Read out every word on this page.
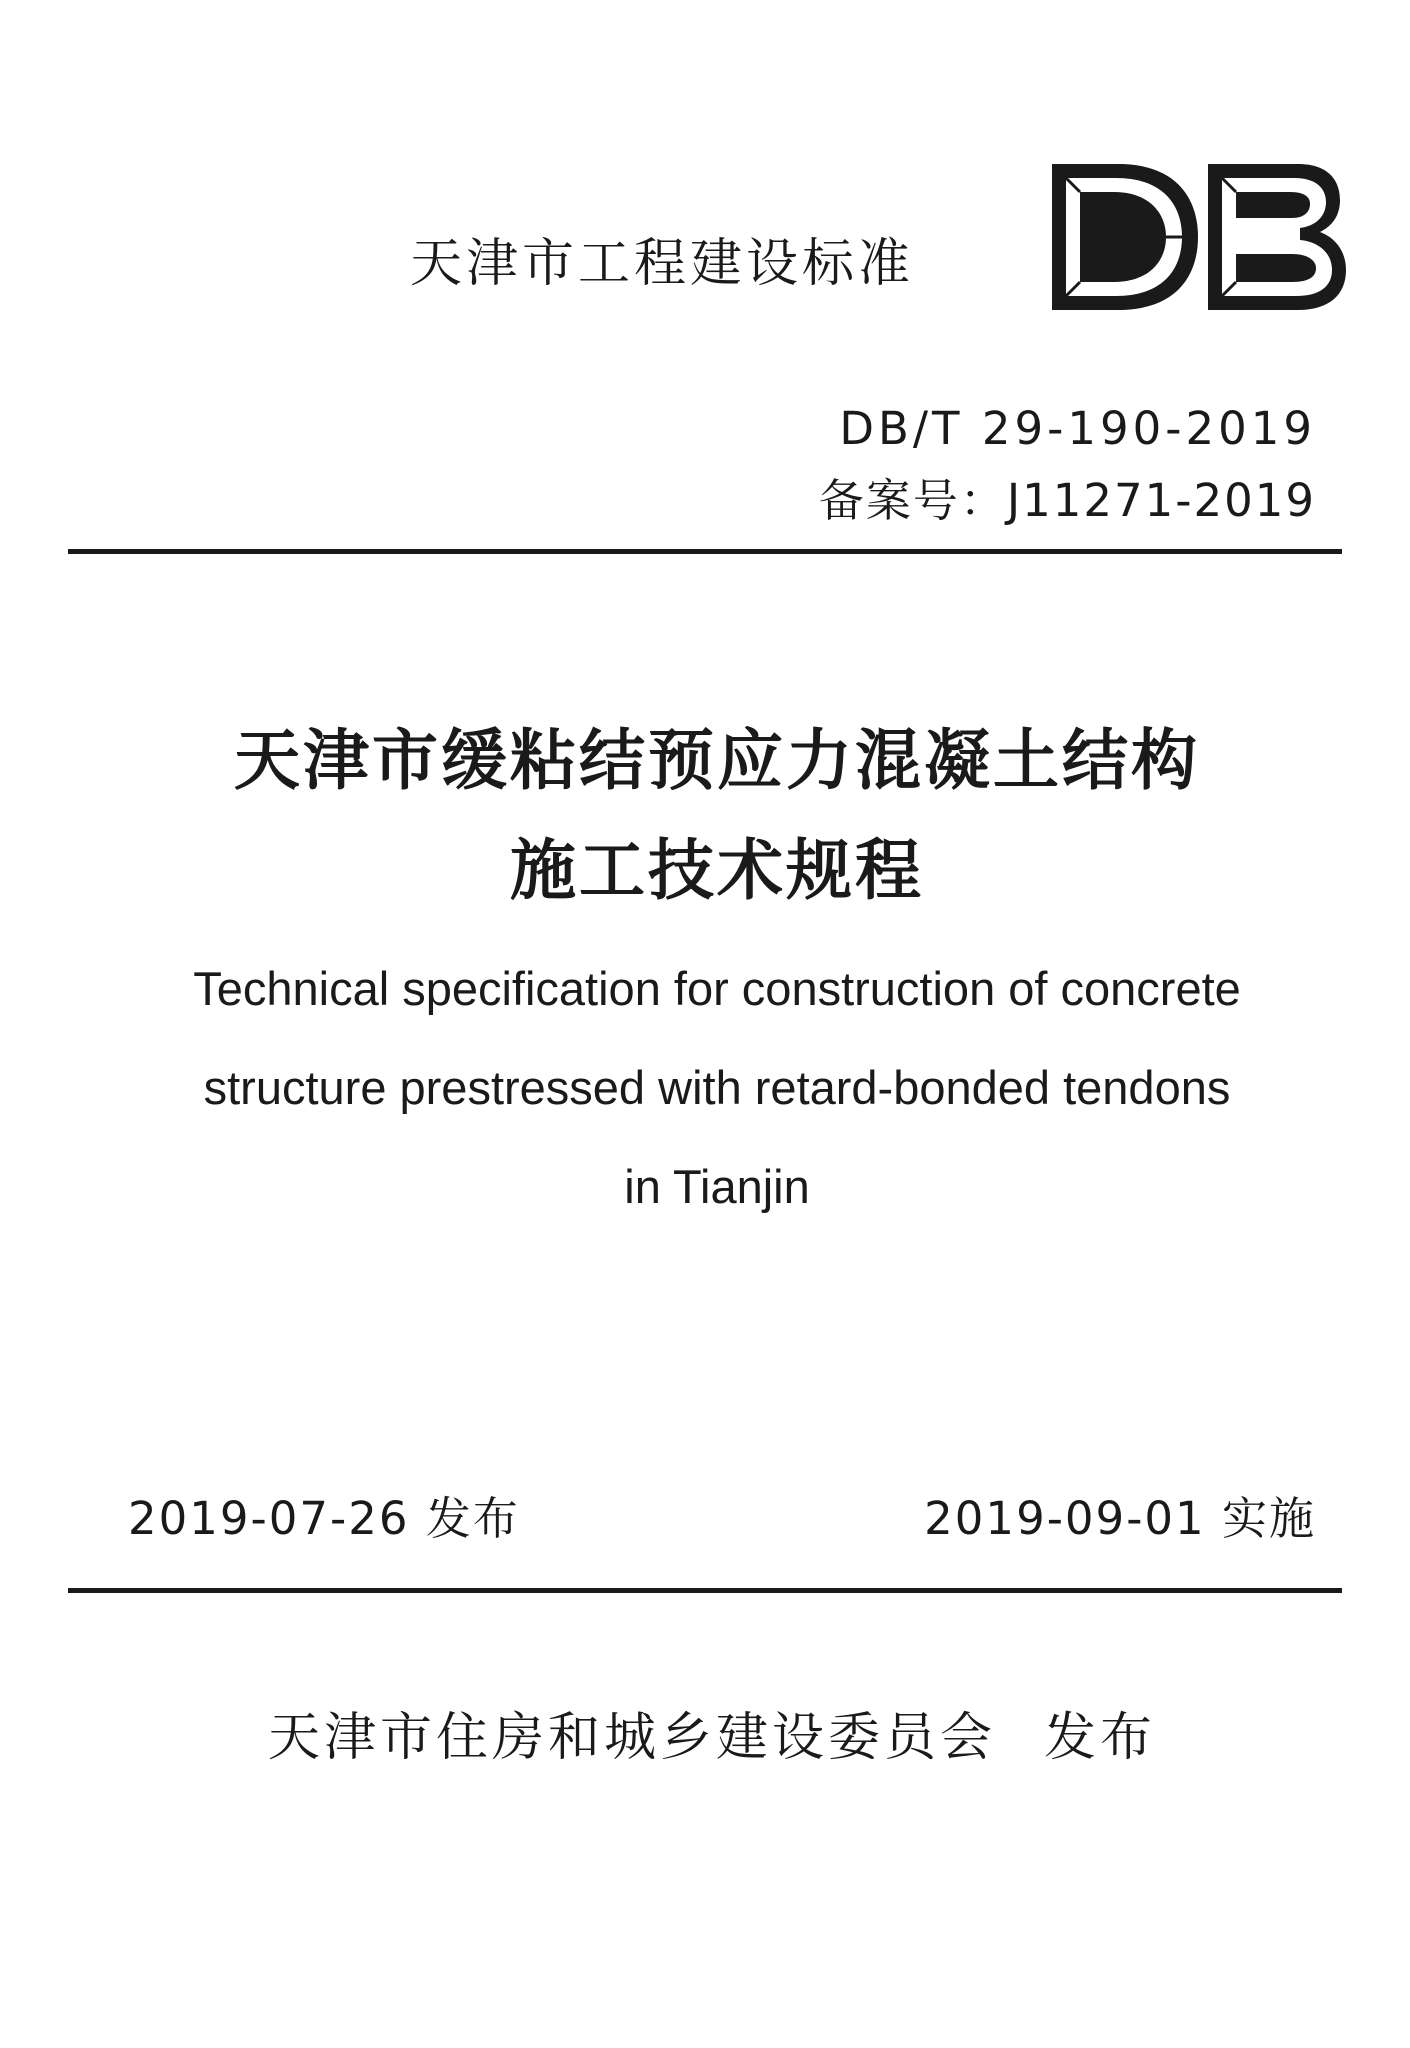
天津市工程建设标准
DB/T 29-190-2019
备案号：J11271-2019
天津市缓粘结预应力混凝土结构
施工技术规程
Technical specification for construction of concrete
structure prestressed with retard-bonded tendons
in Tianjin
2019-07-26 发布	2019-09-01 实施
天津市住房和城乡建设委员会 发布
